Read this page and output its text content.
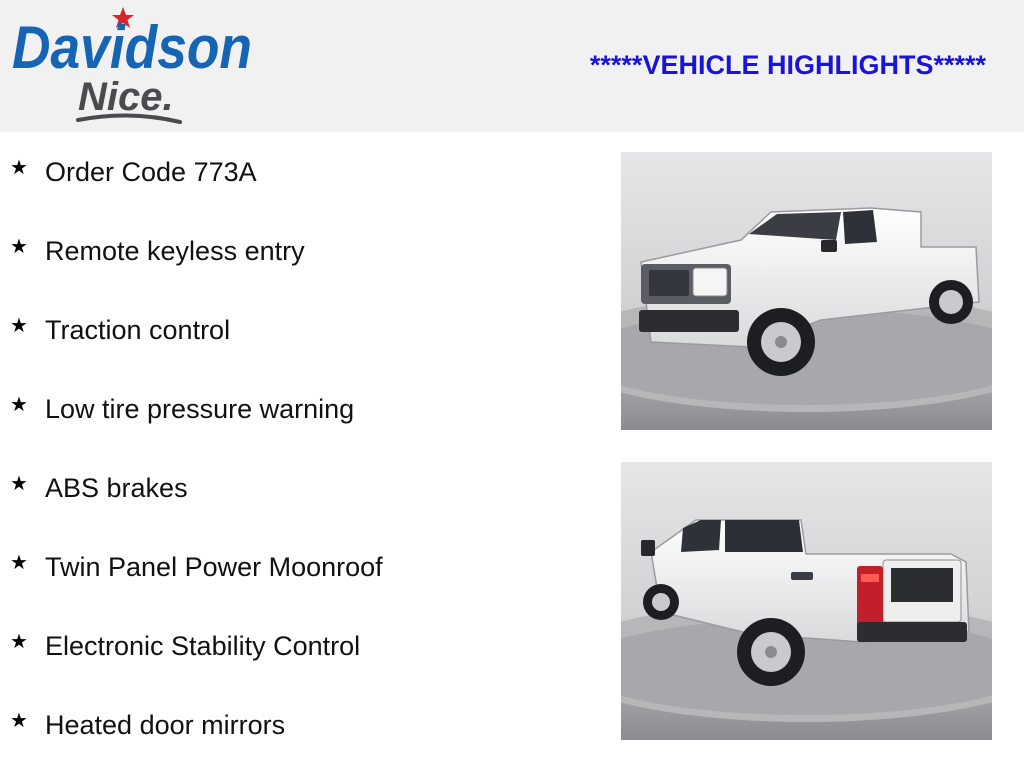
Davidson
Nice.
*****VEHICLE HIGHLIGHTS*****
★ Order Code 773A
★ Remote keyless entry
★ Traction control
★ Low tire pressure warning
★ ABS brakes
★ Twin Panel Power Moonroof
★ Electronic Stability Control
★ Heated door mirrors
